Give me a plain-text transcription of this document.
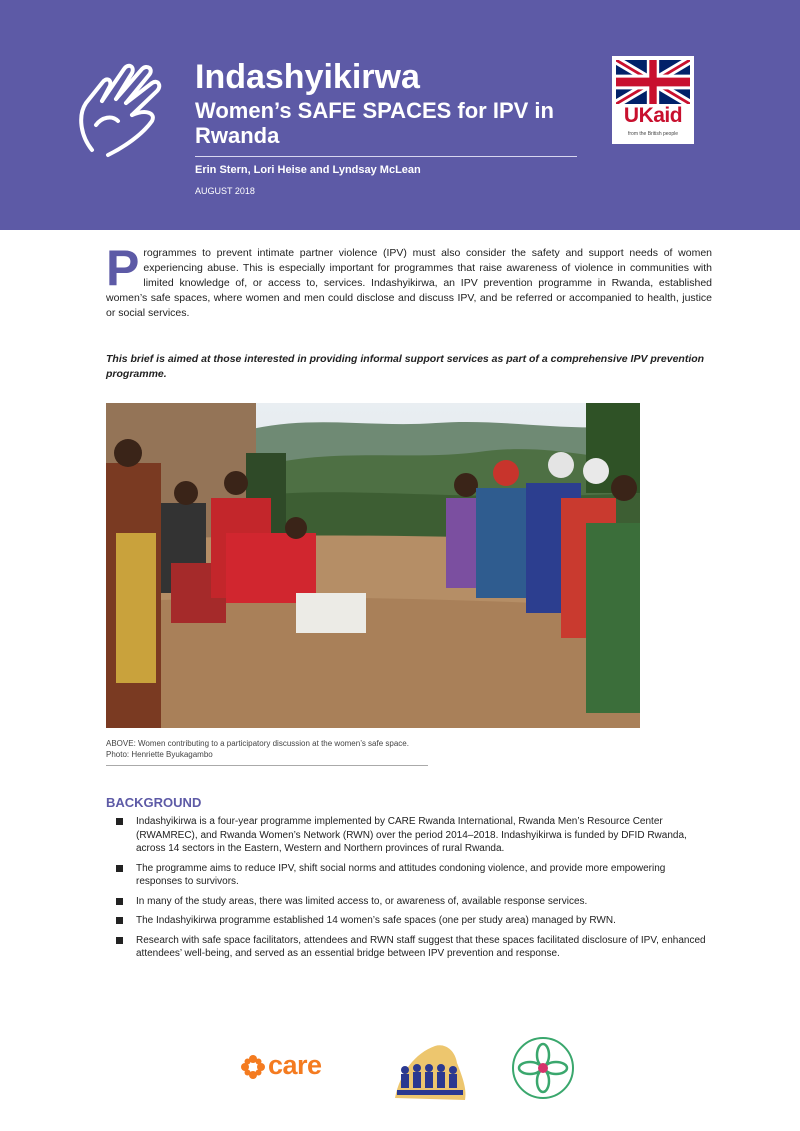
Indashyikirwa
Women’s SAFE SPACES for IPV in Rwanda
Erin Stern, Lori Heise and Lyndsay McLean
AUGUST 2018
UKaid
from the British people
P rogrammes to prevent intimate partner violence (IPV) must also consider the safety and support needs of women experiencing abuse. This is especially important for programmes that raise awareness of violence in communities with limited knowledge of, or access to, services. Indashyikirwa, an IPV prevention programme in Rwanda, established women’s safe spaces, where women and men could disclose and discuss IPV, and be referred or accompanied to health, justice or social services.
This brief is aimed at those interested in providing informal support services as part of a comprehensive IPV prevention programme.
ABOVE: Women contributing to a participatory discussion at the women’s safe space. Photo: Henriette Byukagambo
BACKGROUND
Indashyikirwa is a four-year programme implemented by CARE Rwanda International, Rwanda Men’s Resource Center (RWAMREC), and Rwanda Women’s Network (RWN) over the period 2014–2018. Indashyikirwa is funded by DFID Rwanda, across 14 sectors in the Eastern, Western and Northern provinces of rural Rwanda.
The programme aims to reduce IPV, shift social norms and attitudes condoning violence, and provide more empowering responses to survivors.
In many of the study areas, there was limited access to, or awareness of, available response services.
The Indashyikirwa programme established 14 women’s safe spaces (one per study area) managed by RWN.
Research with safe space facilitators, attendees and RWN staff suggest that these spaces facilitated disclosure of IPV, enhanced attendees’ well-being, and served as an essential bridge between IPV prevention and response.
care
